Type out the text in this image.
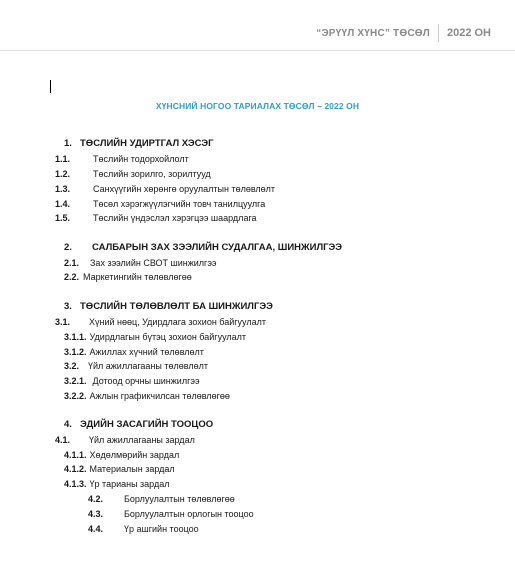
“ЭРҮҮЛ ХҮНС” ТӨСӨЛ	2022 ОН
ХҮНСНИЙ НОГОО ТАРИАЛАХ ТӨСӨЛ – 2022 ОН
1. ТӨСЛИЙН УДИРТГАЛ ХЭСЭГ
1.1.	Төслийн тодорхойлолт
1.2.	Төслийн зорилго, зорилтууд
1.3.	Санхүүгийн хөрөнгө оруулалтын төлөвлөлт
1.4.	Төсөл хэрэгжүүлэгчийн товч танилцуулга
1.5.	Төслийн үндэслэл хэрэгцээ шаардлага
2. САЛБАРЫН ЗАХ ЗЭЭЛИЙН СУДАЛГАА, ШИНЖИЛГЭЭ
2.1. Зах зээлийн СВОТ шинжилгээ
2.2. Маркетингийн төлөвлөгөө
3. ТӨСЛИЙН ТӨЛӨВЛӨЛТ БА ШИНЖИЛГЭЭ
3.1. Хүний нөөц, Удирдлага зохион байгуулалт
3.1.1. Удирдлагын бүтэц зохион байгуулалт
3.1.2. Ажиллах хүчний төлөвлөлт
3.2. Үйл ажиллагааны төлөвлөлт
3.2.1. Дотоод орчны шинжилгээ
3.2.2. Ажлын графикчилсан төлөвлөгөө
4. ЭДИЙН ЗАСАГИЙН ТООЦОО
4.1. Үйл ажиллагааны зардал
4.1.1. Хөдөлмөрийн зардал
4.1.2. Материалын зардал
4.1.3. Үр тарианы зардал
4.2. Борлуулалтын төлөвлөгөө
4.3. Борлуулалтын орлогын тооцоо
4.4. Үр ашгийн тооцоо
